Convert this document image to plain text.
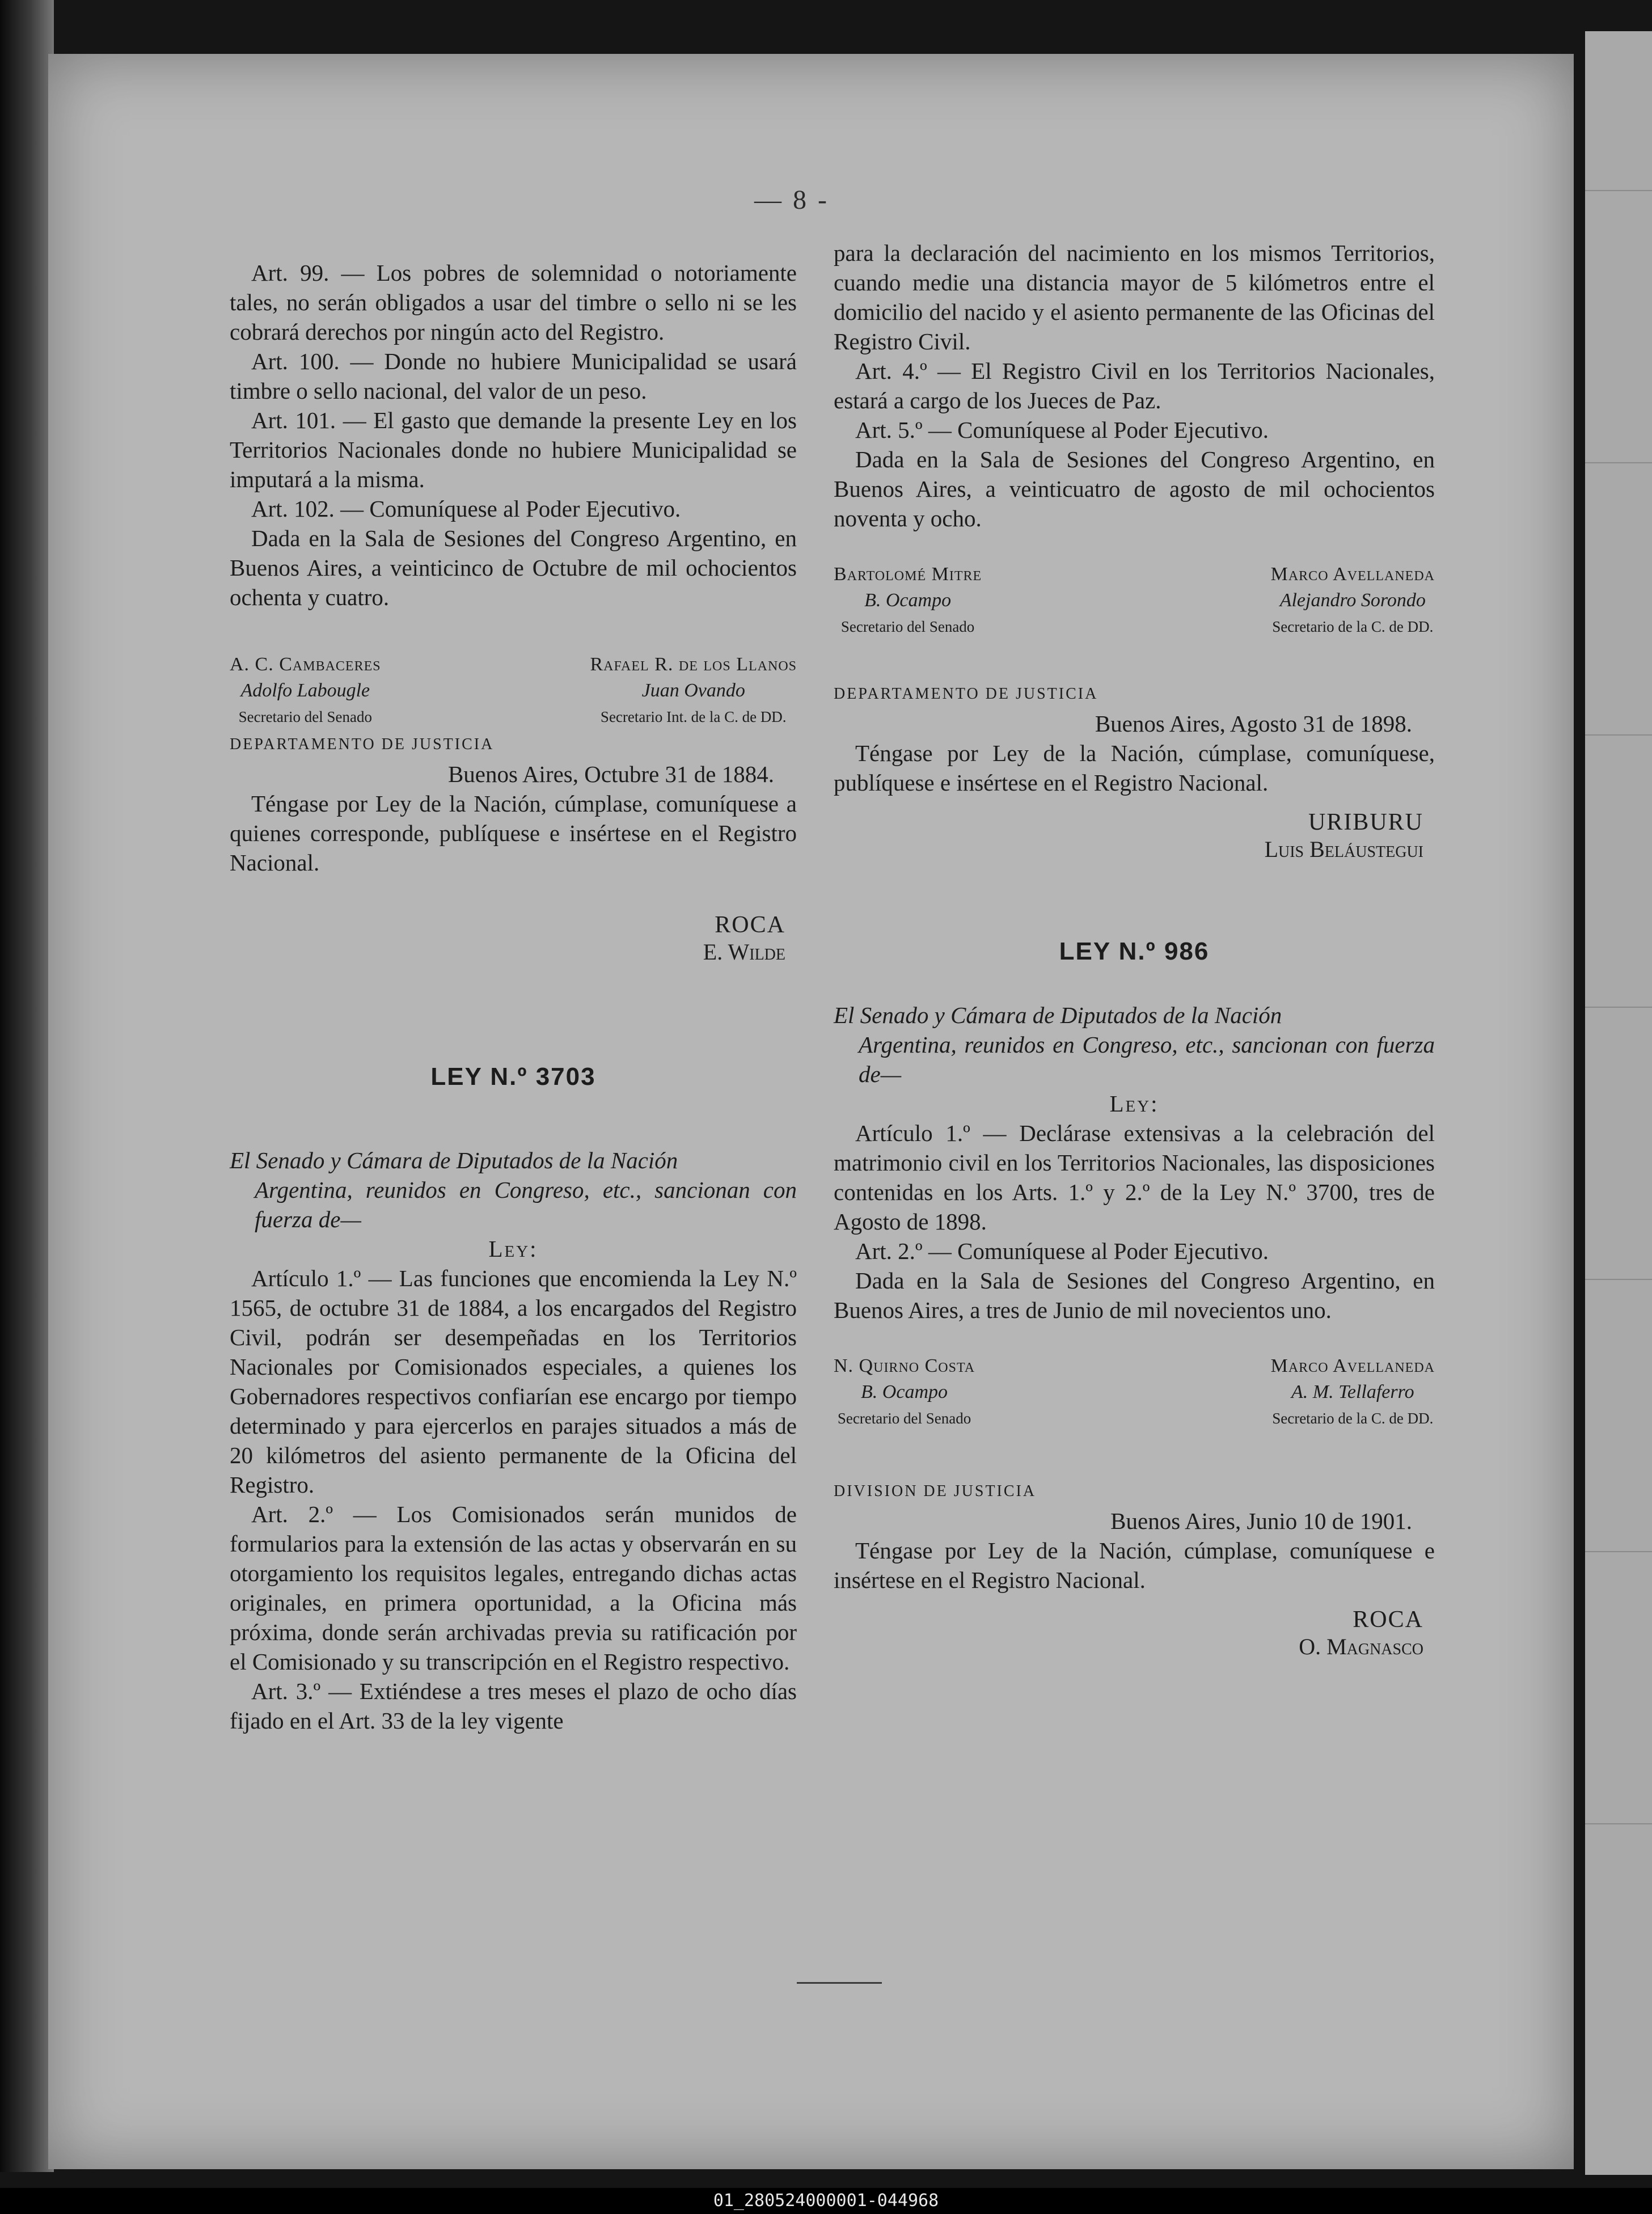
— 8 -

Art. 99. — Los pobres de solemnidad o notoriamente tales, no serán obligados a usar del timbre o sello ni se les cobrará derechos por ningún acto del Registro.

Art. 100. — Donde no hubiere Municipalidad se usará timbre o sello nacional, del valor de un peso.

Art. 101. — El gasto que demande la presente Ley en los Territorios Nacionales donde no hubiere Municipalidad se imputará a la misma.

Art. 102. — Comuníquese al Poder Ejecutivo.

Dada en la Sala de Sesiones del Congreso Argentino, en Buenos Aires, a veinticinco de Octubre de mil ochocientos ochenta y cuatro.

A. C. Cambaceres
Adolfo Labougle
Secretario del Senado
Rafael R. de los Llanos
Juan Ovando
Secretario Int. de la C. de DD.

DEPARTAMENTO DE JUSTICIA

Buenos Aires, Octubre 31 de 1884.

Téngase por Ley de la Nación, cúmplase, comuníquese a quienes corresponde, publíquese e insértese en el Registro Nacional.

ROCA
E. Wilde

LEY N.º 3703

El Senado y Cámara de Diputados de la Nación
Argentina, reunidos en Congreso, etc., sancionan con fuerza de—

Ley:

Artículo 1.º — Las funciones que encomienda la Ley N.º 1565, de octubre 31 de 1884, a los encargados del Registro Civil, podrán ser desempeñadas en los Territorios Nacionales por Comisionados especiales, a quienes los Gobernadores respectivos confiarían ese encargo por tiempo determinado y para ejercerlos en parajes situados a más de 20 kilómetros del asiento permanente de la Oficina del Registro.

Art. 2.º — Los Comisionados serán munidos de formularios para la extensión de las actas y observarán en su otorgamiento los requisitos legales, entregando dichas actas originales, en primera oportunidad, a la Oficina más próxima, donde serán archivadas previa su ratificación por el Comisionado y su transcripción en el Registro respectivo.

Art. 3.º — Extiéndese a tres meses el plazo de ocho días fijado en el Art. 33 de la ley vigente

para la declaración del nacimiento en los mismos Territorios, cuando medie una distancia mayor de 5 kilómetros entre el domicilio del nacido y el asiento permanente de las Oficinas del Registro Civil.

Art. 4.º — El Registro Civil en los Territorios Nacionales, estará a cargo de los Jueces de Paz.

Art. 5.º — Comuníquese al Poder Ejecutivo.

Dada en la Sala de Sesiones del Congreso Argentino, en Buenos Aires, a veinticuatro de agosto de mil ochocientos noventa y ocho.

Bartolomé Mitre
B. Ocampo
Secretario del Senado
Marco Avellaneda
Alejandro Sorondo
Secretario de la C. de DD.

DEPARTAMENTO DE JUSTICIA

Buenos Aires, Agosto 31 de 1898.

Téngase por Ley de la Nación, cúmplase, comuníquese, publíquese e insértese en el Registro Nacional.

URIBURU
Luis Beláustegui

LEY N.º 986

El Senado y Cámara de Diputados de la Nación
Argentina, reunidos en Congreso, etc., sancionan con fuerza de—

Ley:

Artículo 1.º — Declárase extensivas a la celebración del matrimonio civil en los Territorios Nacionales, las disposiciones contenidas en los Arts. 1.º y 2.º de la Ley N.º 3700, tres de Agosto de 1898.

Art. 2.º — Comuníquese al Poder Ejecutivo.

Dada en la Sala de Sesiones del Congreso Argentino, en Buenos Aires, a tres de Junio de mil novecientos uno.

N. Quirno Costa
B. Ocampo
Secretario del Senado
Marco Avellaneda
A. M. Tellaferro
Secretario de la C. de DD.

DIVISION DE JUSTICIA

Buenos Aires, Junio 10 de 1901.

Téngase por Ley de la Nación, cúmplase, comuníquese e insértese en el Registro Nacional.

ROCA
O. Magnasco
01_280524000001-044968
